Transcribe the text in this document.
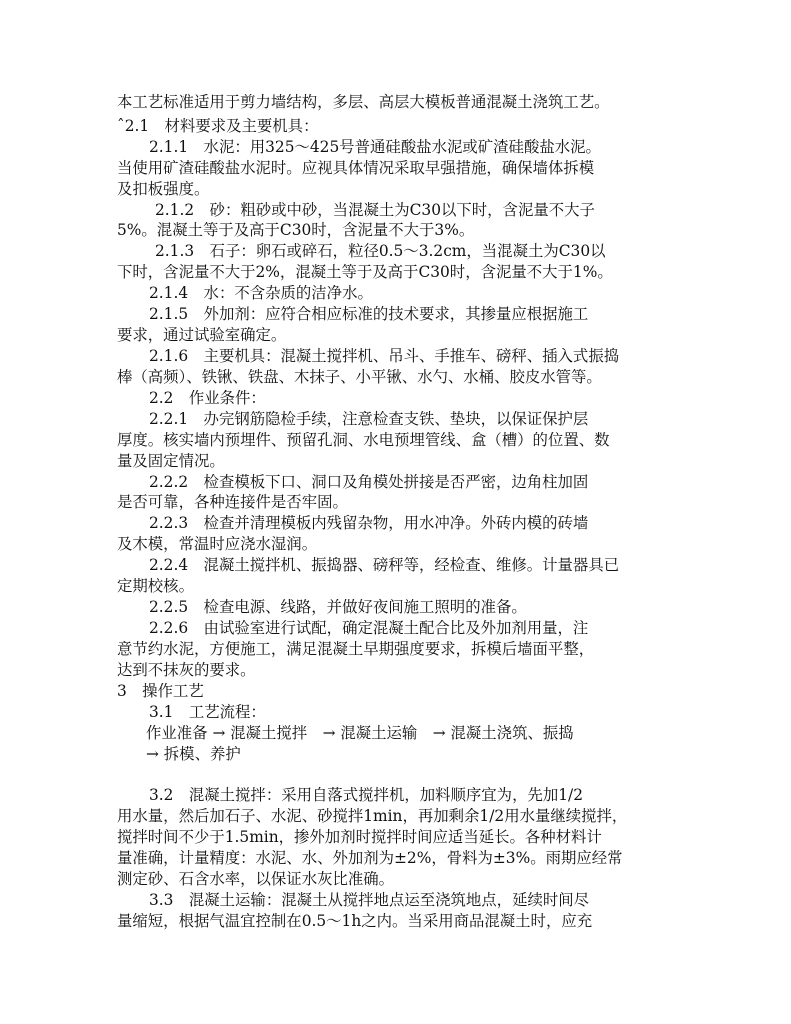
本工艺标准适用于剪力墙结构，多层、高层大模板普通混凝土浇筑工艺。
ˆ2.1　材料要求及主要机具：
2.1.1　水泥：用325～425号普通硅酸盐水泥或矿渣硅酸盐水泥。
当使用矿渣硅酸盐水泥时。应视具体情况采取早强措施，确保墙体拆模
及扣板强度。
2.1.2　砂：粗砂或中砂，当混凝土为C30以下时，含泥量不大子
5%。混凝土等于及高于C30时，含泥量不大于3%。
2.1.3　石子：卵石或碎石，粒径0.5～3.2cm，当混凝土为C30以
下时，含泥量不大于2%，混凝土等于及高于C30时，含泥量不大于1%。
2.1.4　水：不含杂质的洁净水。
2.1.5　外加剂：应符合相应标准的技术要求，其掺量应根据施工
要求，通过试验室确定。
2.1.6　主要机具：混凝土搅拌机、吊斗、手推车、磅秤、插入式振捣
棒（高频）、铁锹、铁盘、木抹子、小平锹、水勺、水桶、胶皮水管等。
2.2　作业条件：
2.2.1　办完钢筋隐检手续，注意检查支铁、垫块，以保证保护层
厚度。核实墙内预埋件、预留孔洞、水电预埋管线、盒（槽）的位置、数
量及固定情况。
2.2.2　检查模板下口、洞口及角模处拼接是否严密，边角柱加固
是否可靠，各种连接件是否牢固。
2.2.3　检查并清理模板内残留杂物，用水冲净。外砖内模的砖墙
及木模，常温时应浇水湿润。
2.2.4　混凝土搅拌机、振捣器、磅秤等，经检查、维修。计量器具已
定期校核。
2.2.5　检查电源、线路，并做好夜间施工照明的准备。
2.2.6　由试验室进行试配，确定混凝土配合比及外加剂用量，注
意节约水泥，方便施工，满足混凝土早期强度要求，拆模后墙面平整，
达到不抹灰的要求。
3　操作工艺
3.1　工艺流程：
作业准备 → 混凝土搅拌　→ 混凝土运输　→ 混凝土浇筑、振捣
→ 拆模、养护
3.2　混凝土搅拌：采用自落式搅拌机，加料顺序宜为，先加1/2
用水量，然后加石子、水泥、砂搅拌1min，再加剩余1/2用水量继续搅拌，
搅拌时间不少于1.5min，掺外加剂时搅拌时间应适当延长。各种材料计
量准确，计量精度：水泥、水、外加剂为±2%，骨料为±3%。雨期应经常
测定砂、石含水率，以保证水灰比准确。
3.3　混凝土运输：混凝土从搅拌地点运至浇筑地点，延续时间尽
量缩短，根据气温宜控制在0.5～1h之内。当采用商品混凝土时，应充
